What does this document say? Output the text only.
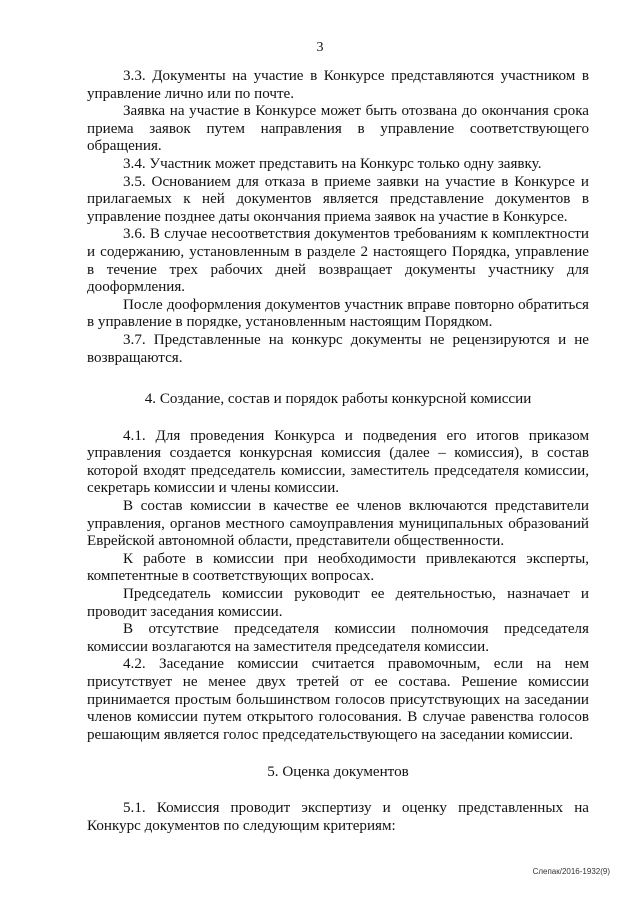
3

3.3. Документы на участие в Конкурсе представляются участником в управление лично или по почте.

Заявка на участие в Конкурсе может быть отозвана до окончания срока приема заявок путем направления в управление соответствующего обращения.

3.4. Участник может представить на Конкурс только одну заявку.

3.5. Основанием для отказа в приеме заявки на участие в Конкурсе и прилагаемых к ней документов является представление документов в управление позднее даты окончания приема заявок на участие в Конкурсе.

3.6. В случае несоответствия документов требованиям к комплектности и содержанию, установленным в разделе 2 настоящего Порядка, управление в течение трех рабочих дней возвращает документы участнику для дооформления.

После дооформления документов участник вправе повторно обратиться в управление в порядке, установленным настоящим Порядком.

3.7. Представленные на конкурс документы не рецензируются и не возвращаются.

4. Создание, состав и порядок работы конкурсной комиссии

4.1. Для проведения Конкурса и подведения его итогов приказом управления создается конкурсная комиссия (далее – комиссия), в состав которой входят председатель комиссии, заместитель председателя комиссии, секретарь комиссии и члены комиссии.

В состав комиссии в качестве ее членов включаются представители управления, органов местного самоуправления муниципальных образований Еврейской автономной области, представители общественности.

К работе в комиссии при необходимости привлекаются эксперты, компетентные в соответствующих вопросах.

Председатель комиссии руководит ее деятельностью, назначает и проводит заседания комиссии.

В отсутствие председателя комиссии полномочия председателя комиссии возлагаются на заместителя председателя комиссии.

4.2. Заседание комиссии считается правомочным, если на нем присутствует не менее двух третей от ее состава. Решение комиссии принимается простым большинством голосов присутствующих на заседании членов комиссии путем открытого голосования. В случае равенства голосов решающим является голос председательствующего на заседании комиссии.

5. Оценка документов

5.1. Комиссия проводит экспертизу и оценку представленных на Конкурс документов по следующим критериям:

Слепак/2016-1932(9)
